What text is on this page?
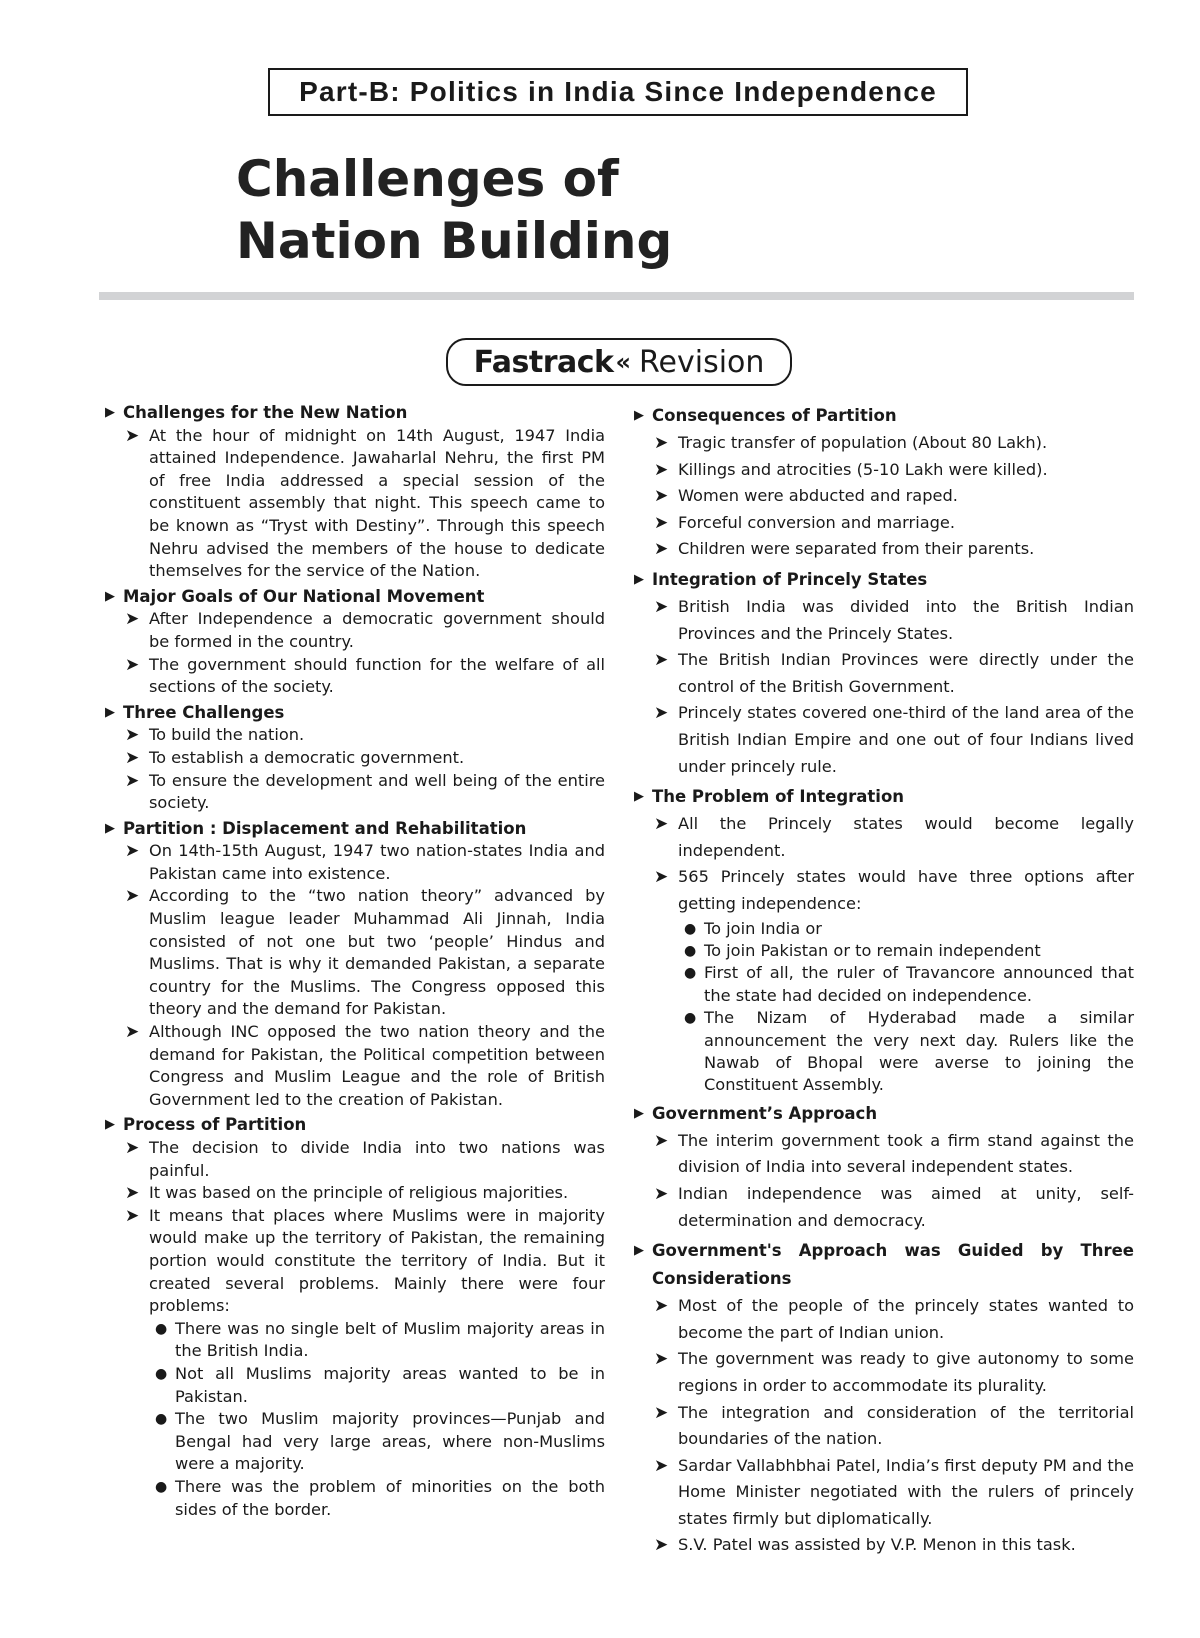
Part-B: Politics in India Since Independence
Challenges of
Nation Building
Fastrack « Revision
▶ Challenges for the New Nation
➤ At the hour of midnight on 14th August, 1947 India attained Independence. Jawaharlal Nehru, the first PM of free India addressed a special session of the constituent assembly that night. This speech came to be known as “Tryst with Destiny”. Through this speech Nehru advised the members of the house to dedicate themselves for the service of the Nation.
▶ Major Goals of Our National Movement
➤ After Independence a democratic government should be formed in the country.
➤ The government should function for the welfare of all sections of the society.
▶ Three Challenges
➤ To build the nation.
➤ To establish a democratic government.
➤ To ensure the development and well being of the entire society.
▶ Partition : Displacement and Rehabilitation
➤ On 14th-15th August, 1947 two nation-states India and Pakistan came into existence.
➤ According to the “two nation theory” advanced by Muslim league leader Muhammad Ali Jinnah, India consisted of not one but two ‘people’ Hindus and Muslims. That is why it demanded Pakistan, a separate country for the Muslims. The Congress opposed this theory and the demand for Pakistan.
➤ Although INC opposed the two nation theory and the demand for Pakistan, the Political competition between Congress and Muslim League and the role of British Government led to the creation of Pakistan.
▶ Process of Partition
➤ The decision to divide India into two nations was painful.
➤ It was based on the principle of religious majorities.
➤ It means that places where Muslims were in majority would make up the territory of Pakistan, the remaining portion would constitute the territory of India. But it created several problems. Mainly there were four problems:
● There was no single belt of Muslim majority areas in the British India.
● Not all Muslims majority areas wanted to be in Pakistan.
● The two Muslim majority provinces—Punjab and Bengal had very large areas, where non-Muslims were a majority.
● There was the problem of minorities on the both sides of the border.
▶ Consequences of Partition
➤ Tragic transfer of population (About 80 Lakh).
➤ Killings and atrocities (5-10 Lakh were killed).
➤ Women were abducted and raped.
➤ Forceful conversion and marriage.
➤ Children were separated from their parents.
▶ Integration of Princely States
➤ British India was divided into the British Indian Provinces and the Princely States.
➤ The British Indian Provinces were directly under the control of the British Government.
➤ Princely states covered one-third of the land area of the British Indian Empire and one out of four Indians lived under princely rule.
▶ The Problem of Integration
➤ All the Princely states would become legally independent.
➤ 565 Princely states would have three options after getting independence:
● To join India or
● To join Pakistan or to remain independent
● First of all, the ruler of Travancore announced that the state had decided on independence.
● The Nizam of Hyderabad made a similar announcement the very next day. Rulers like the Nawab of Bhopal were averse to joining the Constituent Assembly.
▶ Government’s Approach
➤ The interim government took a firm stand against the division of India into several independent states.
➤ Indian independence was aimed at unity, self-determination and democracy.
▶ Government's Approach was Guided by Three Considerations
➤ Most of the people of the princely states wanted to become the part of Indian union.
➤ The government was ready to give autonomy to some regions in order to accommodate its plurality.
➤ The integration and consideration of the territorial boundaries of the nation.
➤ Sardar Vallabhbhai Patel, India’s first deputy PM and the Home Minister negotiated with the rulers of princely states firmly but diplomatically.
➤ S.V. Patel was assisted by V.P. Menon in this task.
